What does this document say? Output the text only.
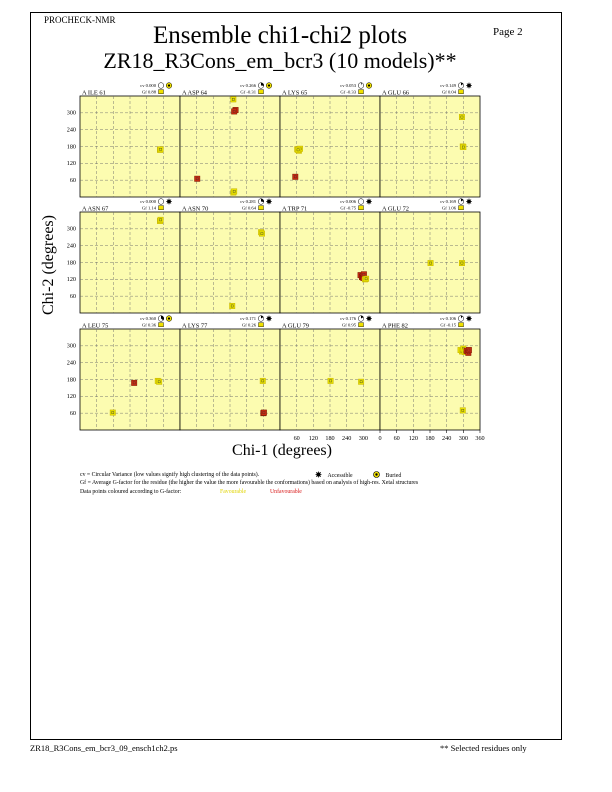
PROCHECK-NMR
Page 2
Ensemble chi1-chi2 plots
ZR18_R3Cons_em_bcr3 (10 models)**
Chi-2 (degrees)
Chi-1 (degrees)
A ILE 61
cv 0.000
Gf 0.88	A ASP 64
cv 0.266
Gf -0.31	A LYS 65
cv 0.053
Gf -0.33	A GLU 66
cv 0.149
Gf 0.04
A ASN 67
cv 0.000
Gf 1.14	A ASN 70
cv 0.281
Gf 0.64	A TRP 71
cv 0.006
Gf -0.75	A GLU 72
cv 0.169
Gf 1.06
A LEU 75
cv 0.360
Gf 0.36	A LYS 77
cv 0.171
Gf 0.26	A GLU 79
cv 0.176
Gf 0.95	A PHE 82
cv 0.106
Gf -0.15
60
60
60
120
120
120
180
180
180
240
240
240
300
300
300
0 60
60	120
120	180
180	240
240	300
300	360
cv = Circular Variance (low values signify high clustering of the data points).	Accessible	Buried
Gf = Average G-factor for the residue (the higher the value the more favourable the conformations) based on analysis of high-res. Xetal structures
Data points coloured according to G-factor:	Favourable	Unfavourable
ZR18_R3Cons_em_bcr3_09_ensch1ch2.ps	** Selected residues only
